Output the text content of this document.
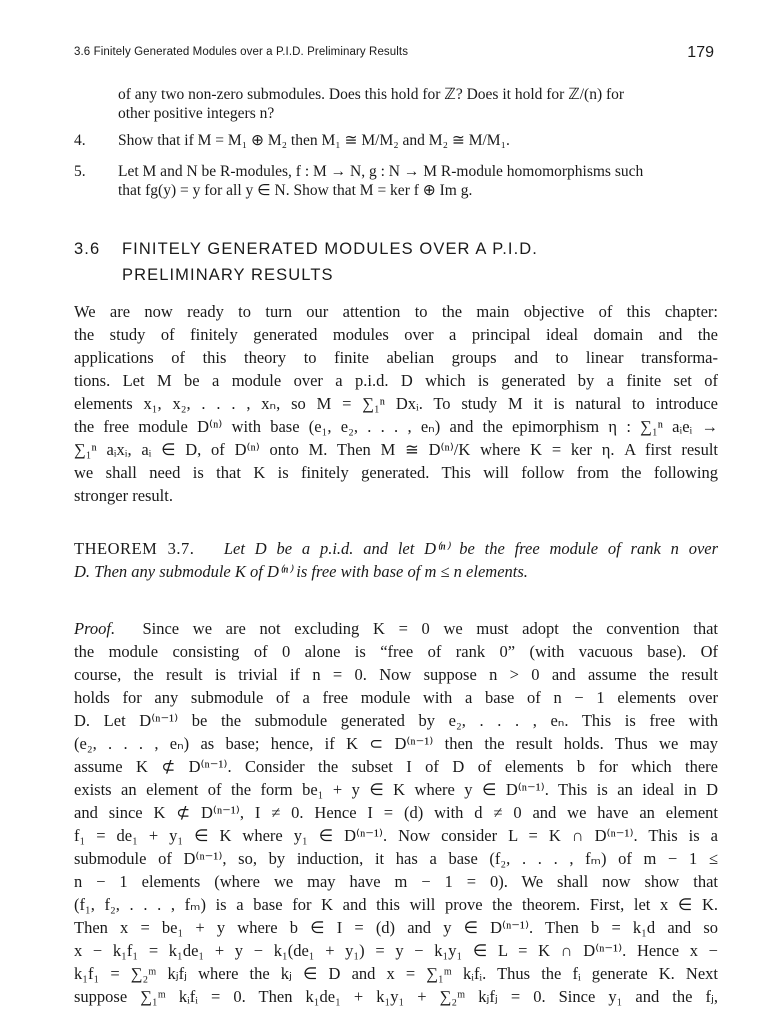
3.6 Finitely Generated Modules over a P.I.D. Preliminary Results	179
of any two non-zero submodules. Does this hold for ℤ? Does it hold for ℤ/(n) for
other positive integers n?
4. Show that if M = M₁ ⊕ M₂ then M₁ ≅ M/M₂ and M₂ ≅ M/M₁.
5. Let M and N be R-modules, f : M → N, g : N → M R-module homomorphisms such
that fg(y) = y for all y ∈ N. Show that M = ker f ⊕ Im g.
3.6 FINITELY GENERATED MODULES OVER A P.I.D.
PRELIMINARY RESULTS
We are now ready to turn our attention to the main objective of this chapter:
the study of finitely generated modules over a principal ideal domain and the
applications of this theory to finite abelian groups and to linear transforma-
tions. Let M be a module over a p.i.d. D which is generated by a finite set of
elements x₁, x₂, . . . , xₙ, so M = ∑₁ⁿ Dxᵢ. To study M it is natural to introduce
the free module D⁽ⁿ⁾ with base (e₁, e₂, . . . , eₙ) and the epimorphism η : ∑₁ⁿ aᵢeᵢ →
∑₁ⁿ aᵢxᵢ, aᵢ ∈ D, of D⁽ⁿ⁾ onto M. Then M ≅ D⁽ⁿ⁾/K where K = ker η. A first result
we shall need is that K is finitely generated. This will follow from the following
stronger result.
THEOREM 3.7. Let D be a p.i.d. and let D⁽ⁿ⁾ be the free module of rank n over
D. Then any submodule K of D⁽ⁿ⁾ is free with base of m ≤ n elements.
Proof. Since we are not excluding K = 0 we must adopt the convention that
the module consisting of 0 alone is “free of rank 0” (with vacuous base). Of
course, the result is trivial if n = 0. Now suppose n > 0 and assume the result
holds for any submodule of a free module with a base of n − 1 elements over
D. Let D⁽ⁿ⁻¹⁾ be the submodule generated by e₂, . . . , eₙ. This is free with
(e₂, . . . , eₙ) as base; hence, if K ⊂ D⁽ⁿ⁻¹⁾ then the result holds. Thus we may
assume K ⊄ D⁽ⁿ⁻¹⁾. Consider the subset I of D of elements b for which there
exists an element of the form be₁ + y ∈ K where y ∈ D⁽ⁿ⁻¹⁾. This is an ideal in D
and since K ⊄ D⁽ⁿ⁻¹⁾, I ≠ 0. Hence I = (d) with d ≠ 0 and we have an element
f₁ = de₁ + y₁ ∈ K where y₁ ∈ D⁽ⁿ⁻¹⁾. Now consider L = K ∩ D⁽ⁿ⁻¹⁾. This is a
submodule of D⁽ⁿ⁻¹⁾, so, by induction, it has a base (f₂, . . . , fₘ) of m − 1 ≤
n − 1 elements (where we may have m − 1 = 0). We shall now show that
(f₁, f₂, . . . , fₘ) is a base for K and this will prove the theorem. First, let x ∈ K.
Then x = be₁ + y where b ∈ I = (d) and y ∈ D⁽ⁿ⁻¹⁾. Then b = k₁d and so
x − k₁f₁ = k₁de₁ + y − k₁(de₁ + y₁) = y − k₁y₁ ∈ L = K ∩ D⁽ⁿ⁻¹⁾. Hence x −
k₁f₁ = ∑₂ᵐ kⱼfⱼ where the kⱼ ∈ D and x = ∑₁ᵐ kᵢfᵢ. Thus the fᵢ generate K. Next
suppose ∑₁ᵐ kᵢfᵢ = 0. Then k₁de₁ + k₁y₁ + ∑₂ᵐ kⱼfⱼ = 0. Since y₁ and the fⱼ,
